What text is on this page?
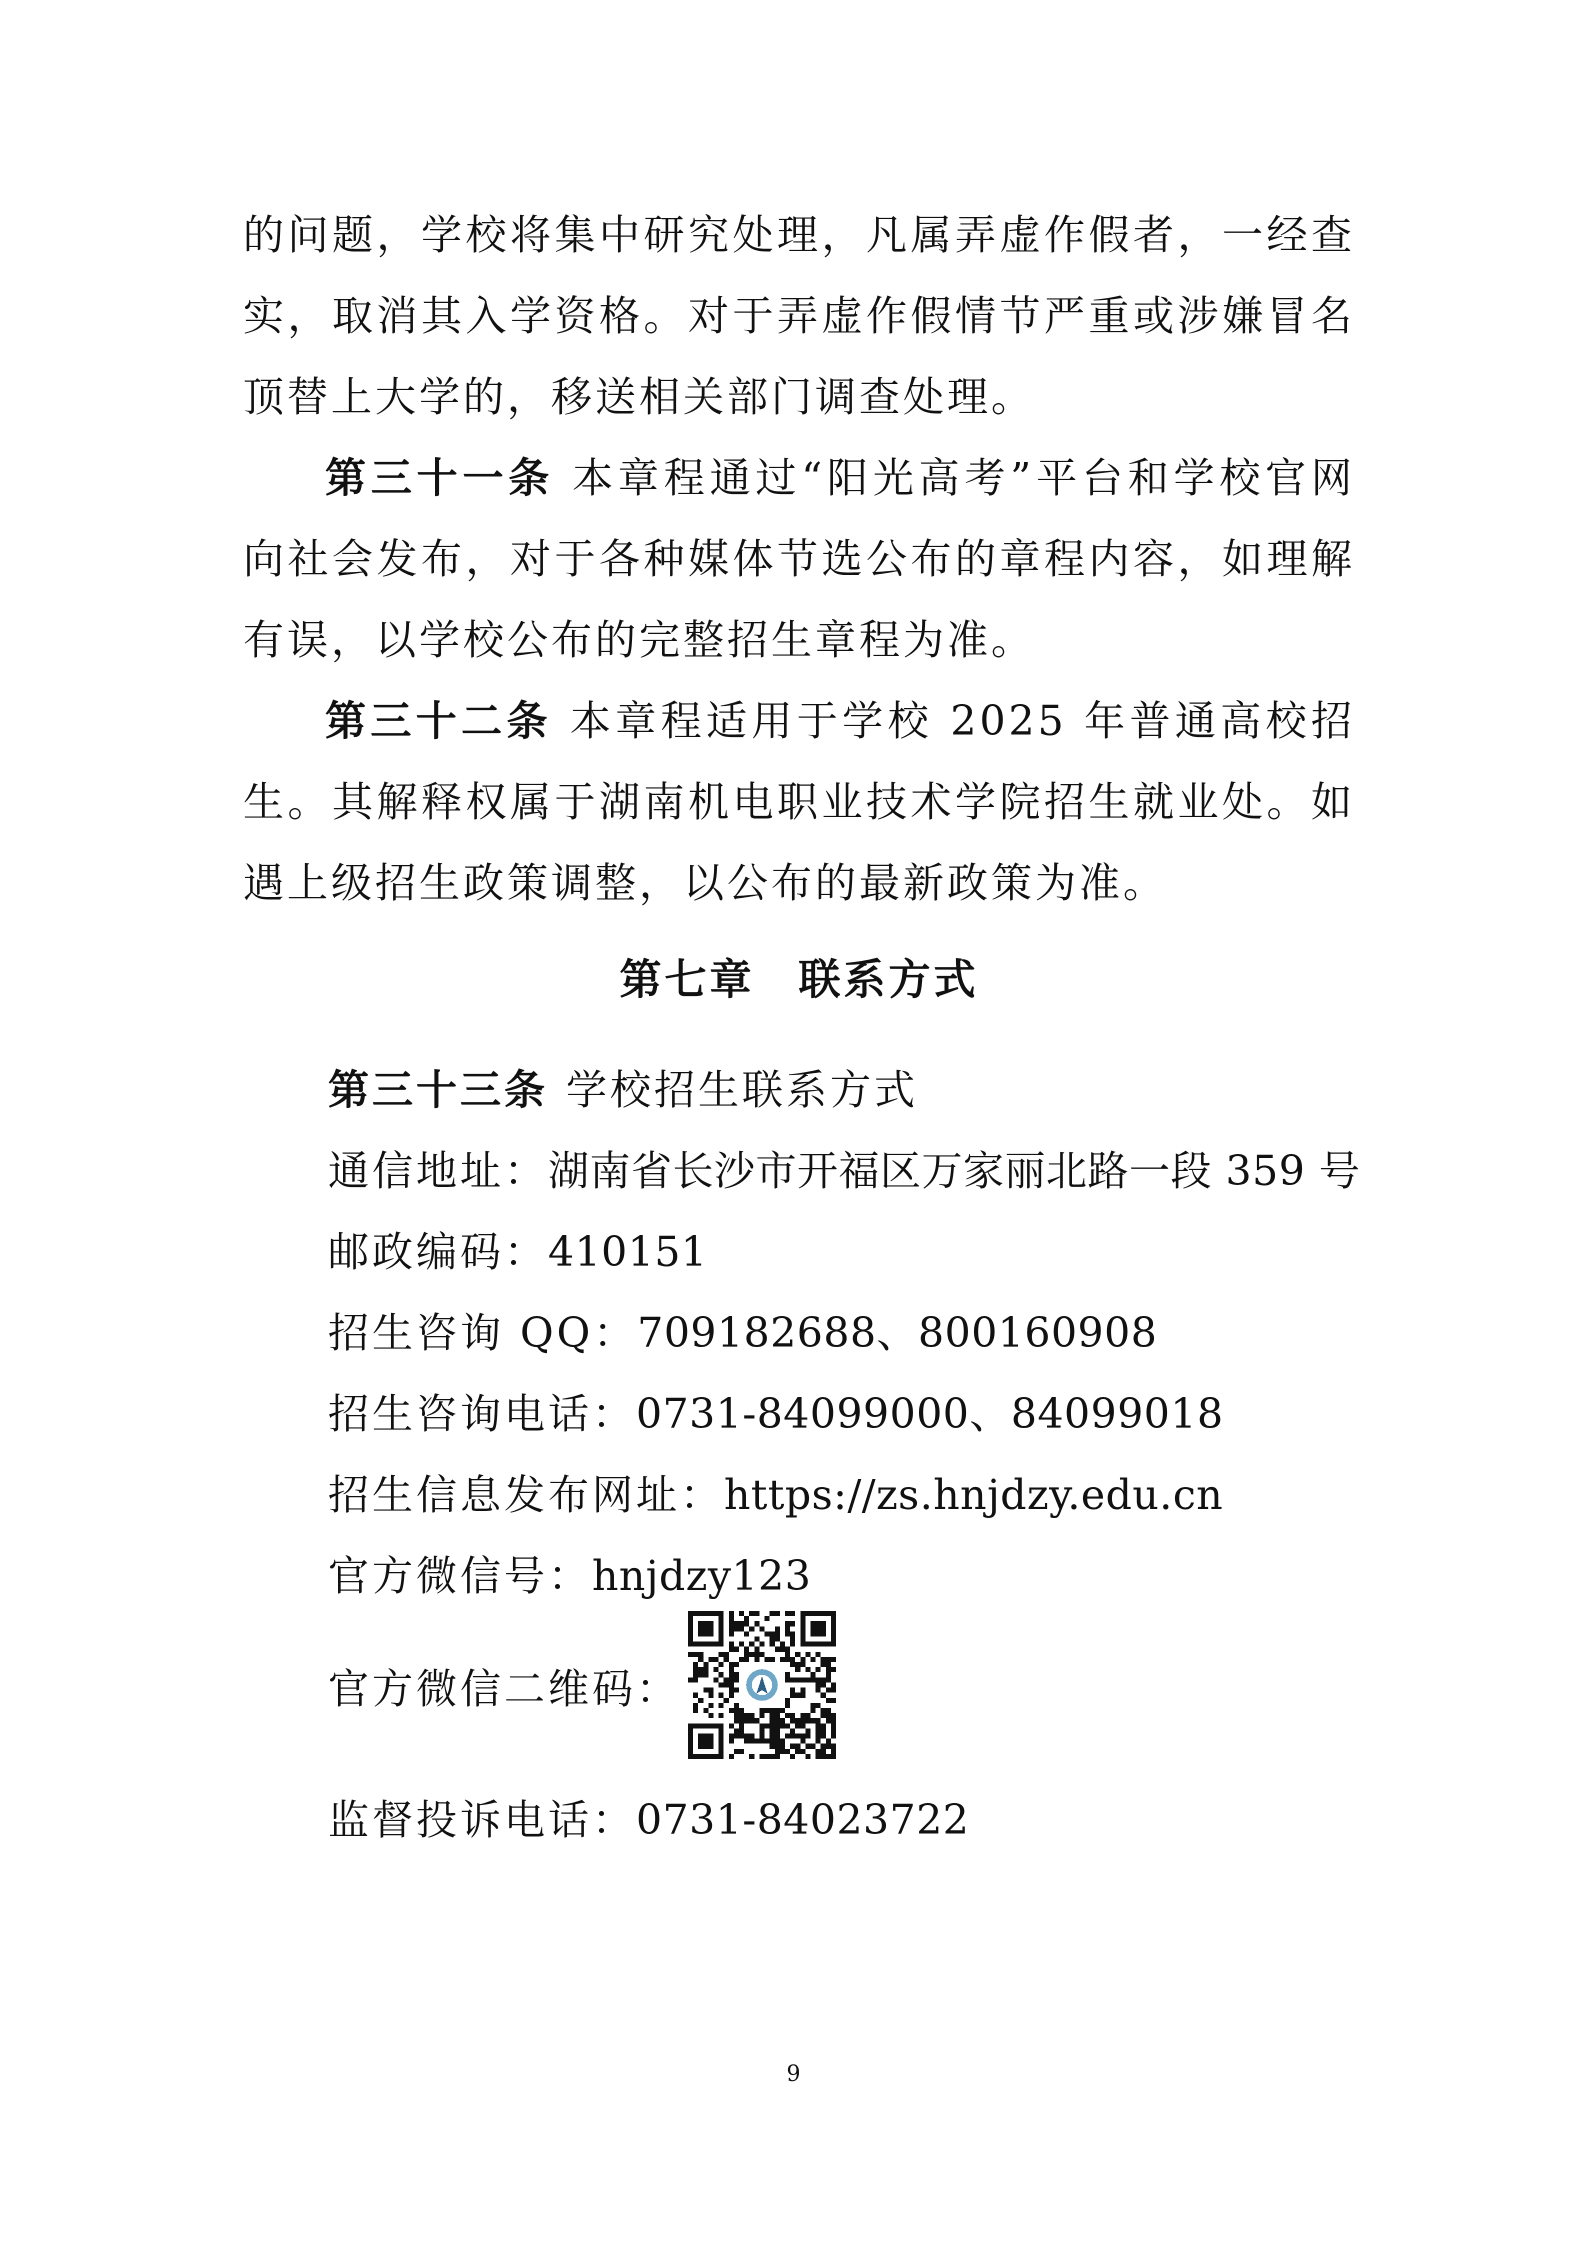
的问题，学校将集中研究处理，凡属弄虚作假者，一经查实，取消其入学资格。对于弄虚作假情节严重或涉嫌冒名顶替上大学的，移送相关部门调查处理。

第三十一条 本章程通过“阳光高考”平台和学校官网向社会发布，对于各种媒体节选公布的章程内容，如理解有误，以学校公布的完整招生章程为准。

第三十二条 本章程适用于学校 2025 年普通高校招生。其解释权属于湖南机电职业技术学院招生就业处。如遇上级招生政策调整，以公布的最新政策为准。

第七章 联系方式
第三十三条 学校招生联系方式
通信地址：湖南省长沙市开福区万家丽北路一段 359 号
邮政编码：410151
招生咨询 QQ：709182688、800160908
招生咨询电话：0731-84099000、84099018
招生信息发布网址：https://zs.hnjdzy.edu.cn
官方微信号：hnjdzy123
官方微信二维码：
监督投诉电话：0731-84023722
9
